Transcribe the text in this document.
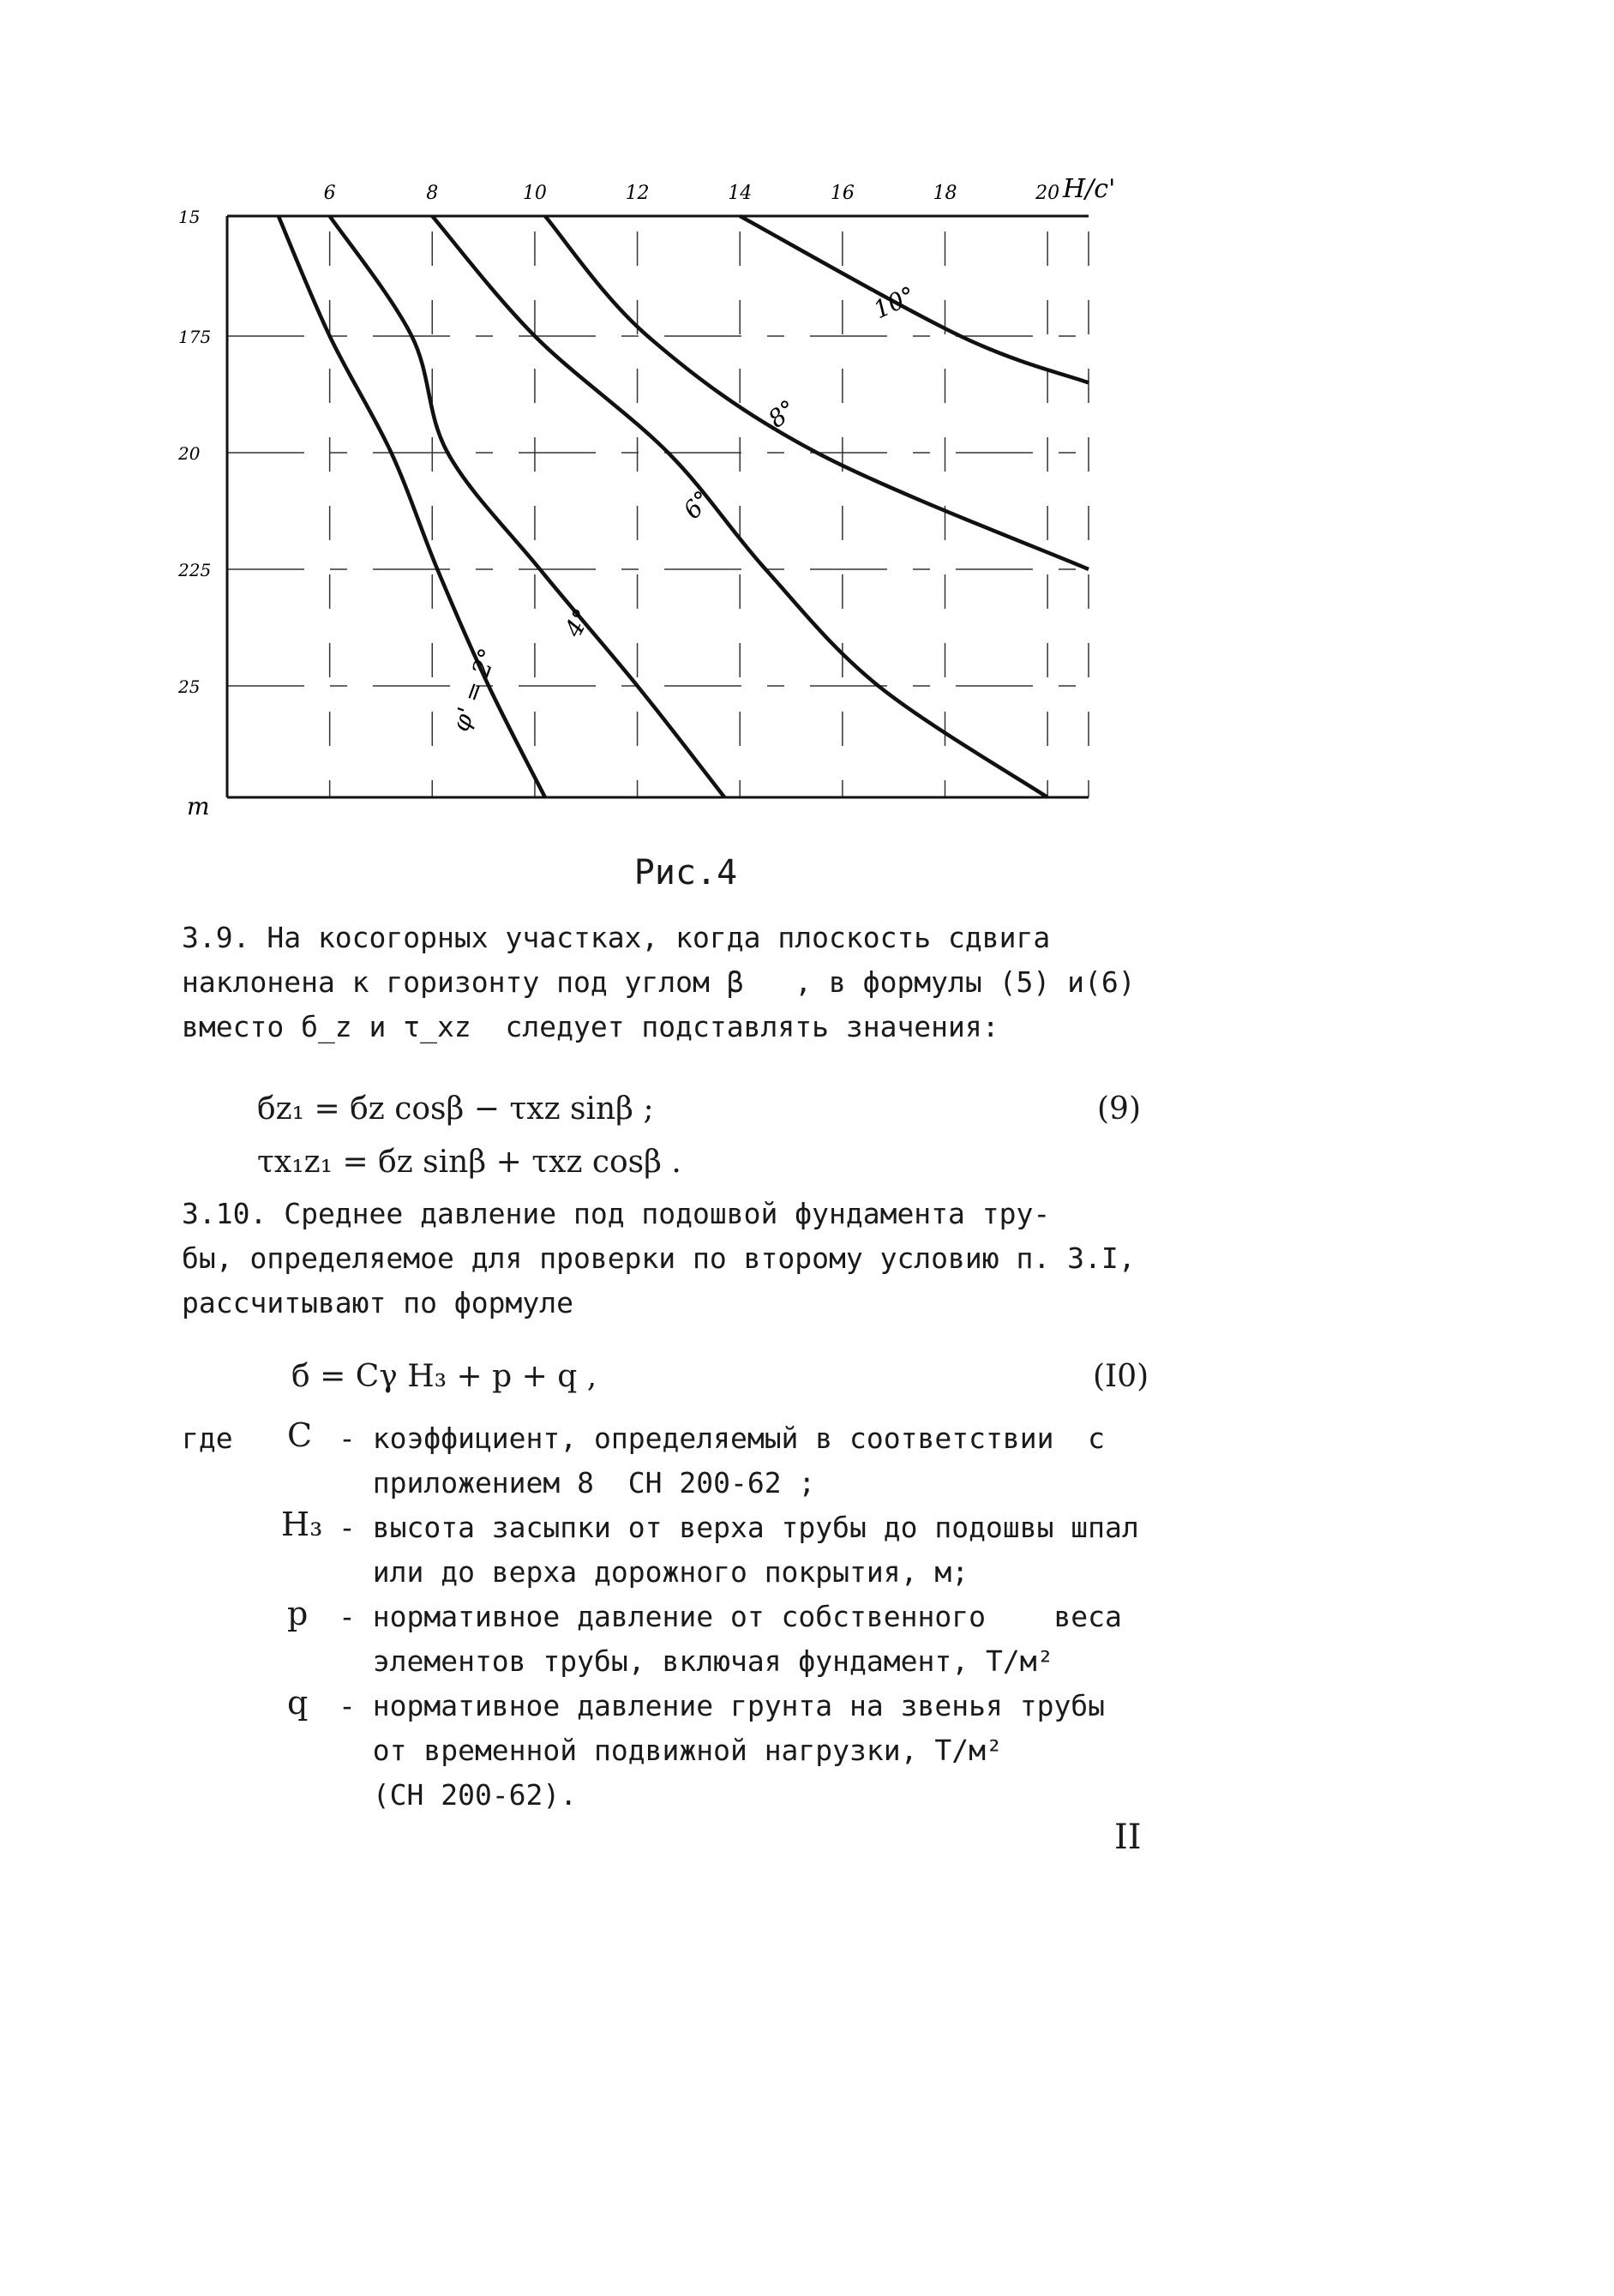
6	8	10	12	14	16	18	20
15
175
20
225
25	φ' = 2°
4°
6°
8°
10°
H/c'
m
Рис.4
3.9. На косогорных участках, когда плоскость сдвига
наклонена к горизонту под углом β   , в формулы (5) и(6)
вместо б_z и τ_xz  следует подставлять значения:
бz₁ = бz cosβ − τxz sinβ ;	(9)
τx₁z₁ = бz sinβ + τxz cosβ .
3.10. Среднее давление под подошвой фундамента тру-
бы, определяемое для проверки по второму условию п. 3.I,
рассчитывают по формуле
б = Cγ H₃ + p + q ,	(I0)
где C - коэффициент, определяемый в соответствии  с
приложением 8  СН 200-62 ;
H₃ - высота засыпки от верха трубы до подошвы шпал
или до верха дорожного покрытия, м;
p - нормативное давление от собственного    веса
элементов трубы, включая фундамент, Т/м²
q - нормативное давление грунта на звенья трубы
от временной подвижной нагрузки, Т/м²
(СН 200-62).
II
